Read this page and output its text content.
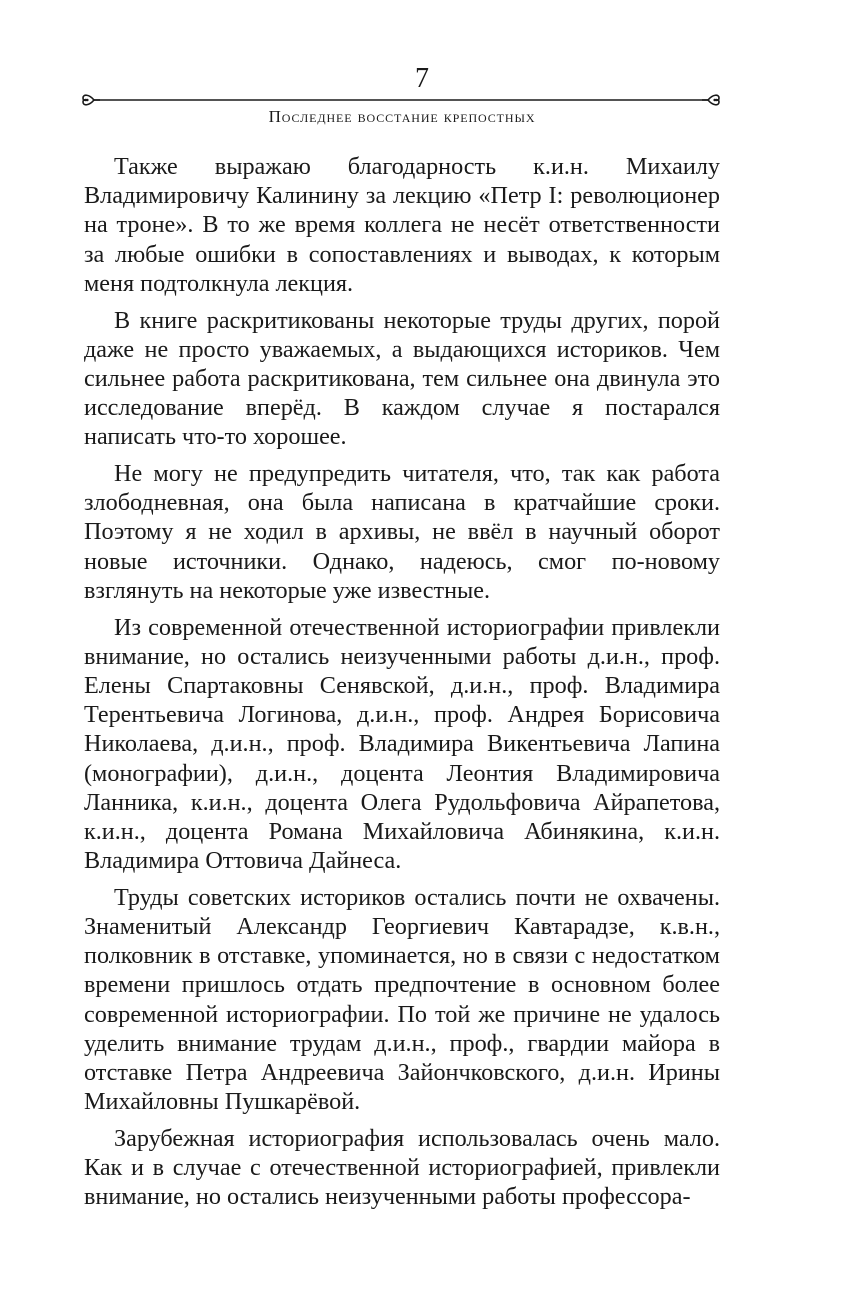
7
Последнее восстание крепостных

Также выражаю благодарность к.и.н. Михаилу Владимировичу Калинину за лекцию «Петр I: революционер на троне». В то же время коллега не несёт ответственности за любые ошибки в сопоставлениях и выводах, к которым меня подтолкнула лекция.

В книге раскритикованы некоторые труды других, порой даже не просто уважаемых, а выдающихся историков. Чем сильнее работа раскритикована, тем сильнее она двинула это исследование вперёд. В каждом случае я постарался написать что-то хорошее.

Не могу не предупредить читателя, что, так как работа злободневная, она была написана в кратчайшие сроки. Поэтому я не ходил в архивы, не ввёл в научный оборот новые источники. Однако, надеюсь, смог по-новому взглянуть на некоторые уже известные.

Из современной отечественной историографии привлекли внимание, но остались неизученными работы д.и.н., проф. Елены Спартаковны Сенявской, д.и.н., проф. Владимира Терентьевича Логинова, д.и.н., проф. Андрея Борисовича Николаева, д.и.н., проф. Владимира Викентьевича Лапина (монографии), д.и.н., доцента Леонтия Владимировича Ланника, к.и.н., доцента Олега Рудольфовича Айрапетова, к.и.н., доцента Романа Михайловича Абинякина, к.и.н. Владимира Оттовича Дайнеса.

Труды советских историков остались почти не охвачены. Знаменитый Александр Георгиевич Кавтарадзе, к.в.н., полковник в отставке, упоминается, но в связи с недостатком времени пришлось отдать предпочтение в основном более современной историографии. По той же причине не удалось уделить внимание трудам д.и.н., проф., гвардии майора в отставке Петра Андреевича Зайончковского, д.и.н. Ирины Михайловны Пушкарёвой.

Зарубежная историография использовалась очень мало. Как и в случае с отечественной историографией, привлекли внимание, но остались неизученными работы профессора-
